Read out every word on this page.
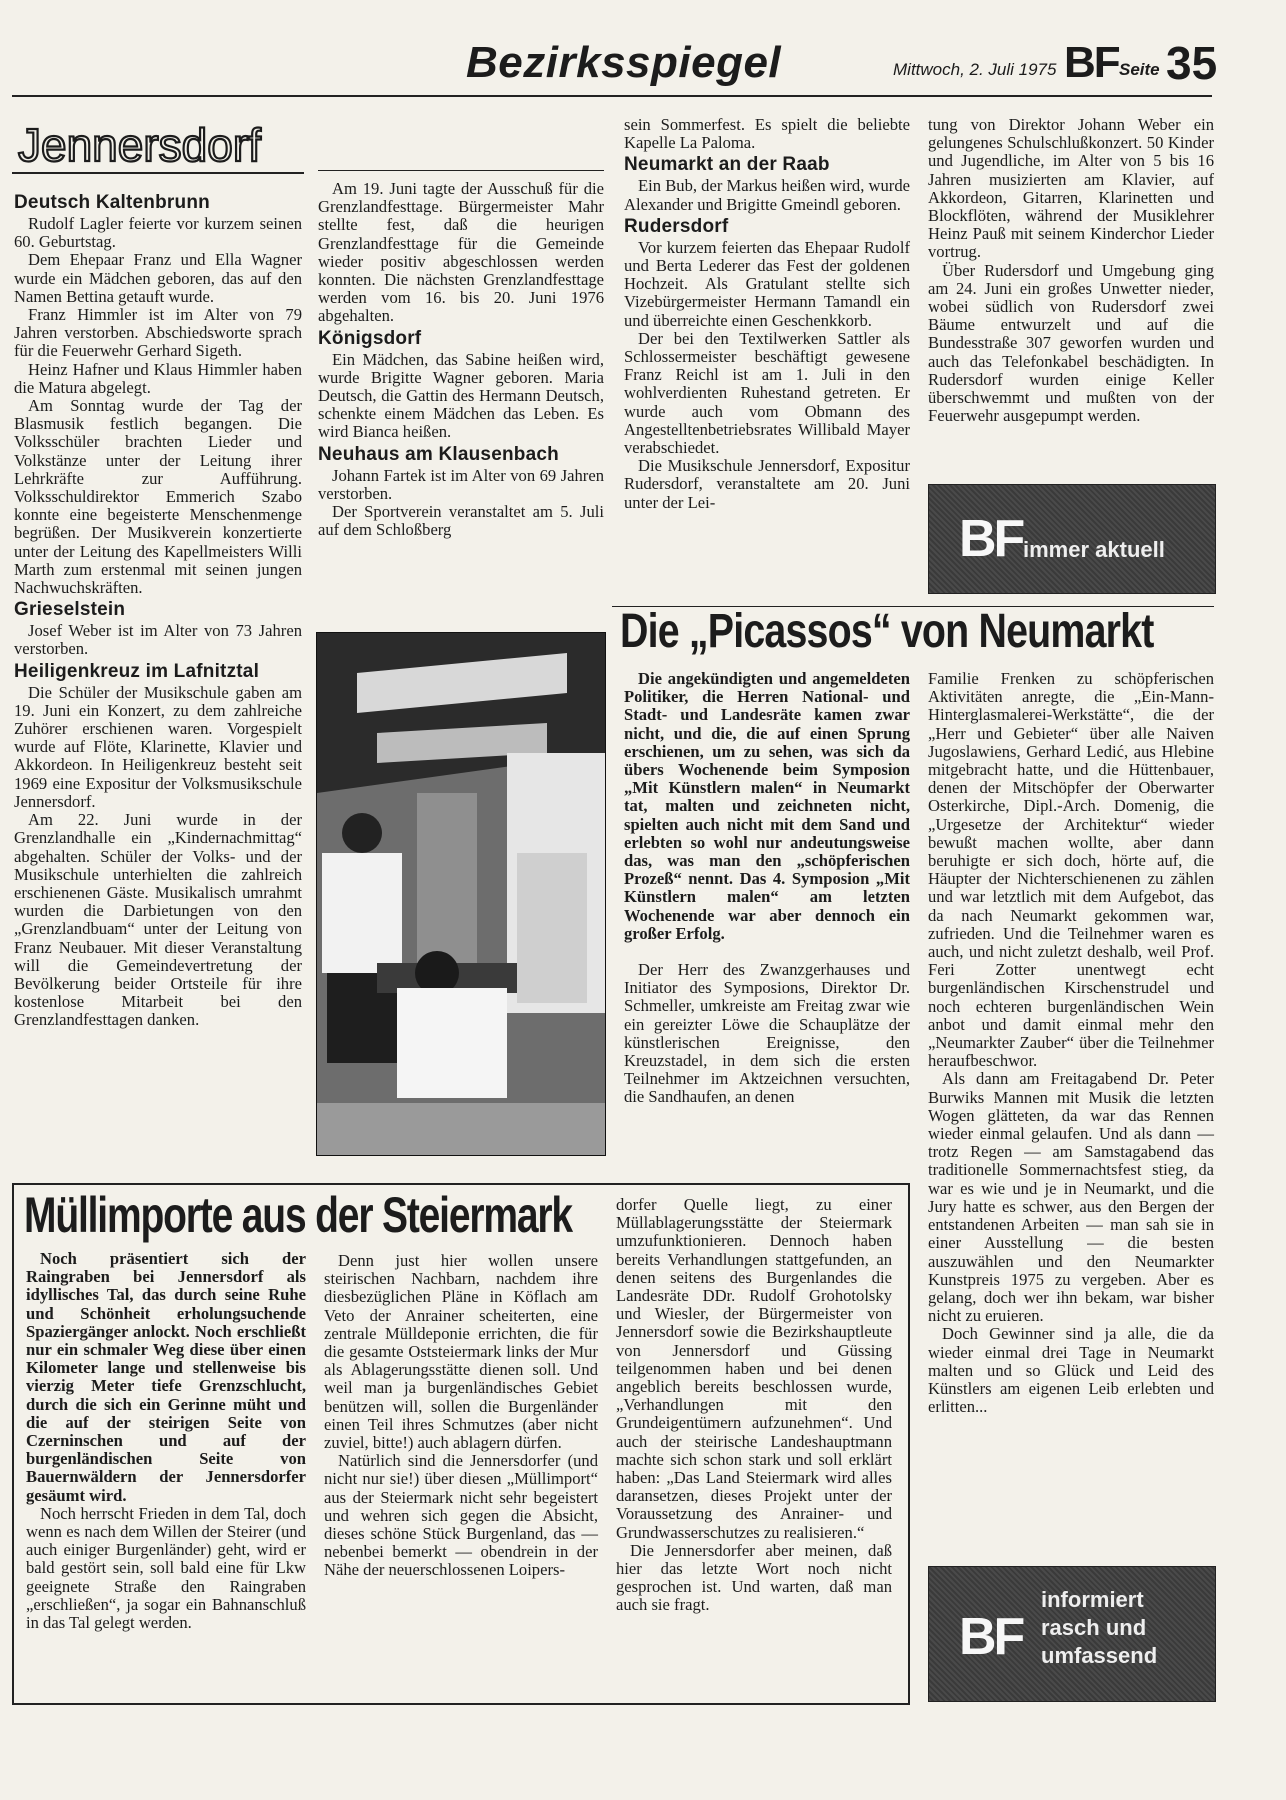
Bezirksspiegel	Mittwoch, 2. Juli 1975 BF Seite 35
Jennersdorf
Deutsch Kaltenbrunn

Rudolf Lagler feierte vor kurzem seinen 60. Geburtstag.

Dem Ehepaar Franz und Ella Wagner wurde ein Mädchen geboren, das auf den Namen Bettina getauft wurde.

Franz Himmler ist im Alter von 79 Jahren verstorben. Abschiedsworte sprach für die Feuerwehr Gerhard Sigeth.

Heinz Hafner und Klaus Himmler haben die Matura abgelegt.

Am Sonntag wurde der Tag der Blasmusik festlich begangen. Die Volksschüler brachten Lieder und Volkstänze unter der Leitung ihrer Lehrkräfte zur Aufführung. Volksschuldirektor Emmerich Szabo konnte eine begeisterte Menschenmenge begrüßen. Der Musikverein konzertierte unter der Leitung des Kapellmeisters Willi Marth zum erstenmal mit seinen jungen Nachwuchskräften.

Grieselstein

Josef Weber ist im Alter von 73 Jahren verstorben.

Heiligenkreuz im Lafnitztal

Die Schüler der Musikschule gaben am 19. Juni ein Konzert, zu dem zahlreiche Zuhörer erschienen waren. Vorgespielt wurde auf Flöte, Klarinette, Klavier und Akkordeon. In Heiligenkreuz besteht seit 1969 eine Expositur der Volksmusikschule Jennersdorf.

Am 22. Juni wurde in der Grenzlandhalle ein „Kindernachmittag“ abgehalten. Schüler der Volks- und der Musikschule unterhielten die zahlreich erschienenen Gäste. Musikalisch umrahmt wurden die Darbietungen von den „Grenzlandbuam“ unter der Leitung von Franz Neubauer. Mit dieser Veranstaltung will die Gemeindevertretung der Bevölkerung beider Ortsteile für ihre kostenlose Mitarbeit bei den Grenzlandfesttagen danken.

Am 19. Juni tagte der Ausschuß für die Grenzlandfesttage. Bürgermeister Mahr stellte fest, daß die heurigen Grenzlandfesttage für die Gemeinde wieder positiv abgeschlossen werden konnten. Die nächsten Grenzlandfesttage werden vom 16. bis 20. Juni 1976 abgehalten.

Königsdorf

Ein Mädchen, das Sabine heißen wird, wurde Brigitte Wagner geboren. Maria Deutsch, die Gattin des Hermann Deutsch, schenkte einem Mädchen das Leben. Es wird Bianca heißen.

Neuhaus am Klausenbach

Johann Fartek ist im Alter von 69 Jahren verstorben.

Der Sportverein veranstaltet am 5. Juli auf dem Schloßberg

sein Sommerfest. Es spielt die beliebte Kapelle La Paloma.

Neumarkt an der Raab

Ein Bub, der Markus heißen wird, wurde Alexander und Brigitte Gmeindl geboren.

Rudersdorf

Vor kurzem feierten das Ehepaar Rudolf und Berta Lederer das Fest der goldenen Hochzeit. Als Gratulant stellte sich Vizebürgermeister Hermann Tamandl ein und überreichte einen Geschenkkorb.

Der bei den Textilwerken Sattler als Schlossermeister beschäftigt gewesene Franz Reichl ist am 1. Juli in den wohlverdienten Ruhestand getreten. Er wurde auch vom Obmann des Angestelltenbetriebsrates Willibald Mayer verabschiedet.

Die Musikschule Jennersdorf, Expositur Rudersdorf, veranstaltete am 20. Juni unter der Lei-

tung von Direktor Johann Weber ein gelungenes Schulschlußkonzert. 50 Kinder und Jugendliche, im Alter von 5 bis 16 Jahren musizierten am Klavier, auf Akkordeon, Gitarren, Klarinetten und Blockflöten, während der Musiklehrer Heinz Pauß mit seinem Kinderchor Lieder vortrug.

Über Rudersdorf und Umgebung ging am 24. Juni ein großes Unwetter nieder, wobei südlich von Rudersdorf zwei Bäume entwurzelt und auf die Bundesstraße 307 geworfen wurden und auch das Telefonkabel beschädigten. In Rudersdorf wurden einige Keller überschwemmt und mußten von der Feuerwehr ausgepumpt werden.

BF immer aktuell
Die „Picassos“ von Neumarkt

Die angekündigten und angemeldeten Politiker, die Herren National- und Stadt- und Landesräte kamen zwar nicht, und die, die auf einen Sprung erschienen, um zu sehen, was sich da übers Wochenende beim Symposion „Mit Künstlern malen“ in Neumarkt tat, malten und zeichneten nicht, spielten auch nicht mit dem Sand und erlebten so wohl nur andeutungsweise das, was man den „schöpferischen Prozeß“ nennt. Das 4. Symposion „Mit Künstlern malen“ am letzten Wochenende war aber dennoch ein großer Erfolg.

Der Herr des Zwanzgerhauses und Initiator des Symposions, Direktor Dr. Schmeller, umkreiste am Freitag zwar wie ein gereizter Löwe die Schauplätze der künstlerischen Ereignisse, den Kreuzstadel, in dem sich die ersten Teilnehmer im Aktzeichnen versuchten, die Sandhaufen, an denen

Familie Frenken zu schöpferischen Aktivitäten anregte, die „Ein-Mann-Hinterglasmalerei-Werkstätte“, die der „Herr und Gebieter“ über alle Naiven Jugoslawiens, Gerhard Ledić, aus Hlebine mitgebracht hatte, und die Hüttenbauer, denen der Mitschöpfer der Oberwarter Osterkirche, Dipl.-Arch. Domenig, die „Urgesetze der Architektur“ wieder bewußt machen wollte, aber dann beruhigte er sich doch, hörte auf, die Häupter der Nichterschienenen zu zählen und war letztlich mit dem Aufgebot, das da nach Neumarkt gekommen war, zufrieden. Und die Teilnehmer waren es auch, und nicht zuletzt deshalb, weil Prof. Feri Zotter unentwegt echt burgenländischen Kirschenstrudel und noch echteren burgenländischen Wein anbot und damit einmal mehr den „Neumarkter Zauber“ über die Teilnehmer heraufbeschwor.

Als dann am Freitagabend Dr. Peter Burwiks Mannen mit Musik die letzten Wogen glätteten, da war das Rennen wieder einmal gelaufen. Und als dann — trotz Regen — am Samstagabend das traditionelle Sommernachtsfest stieg, da war es wie und je in Neumarkt, und die Jury hatte es schwer, aus den Bergen der entstandenen Arbeiten — man sah sie in einer Ausstellung — die besten auszuwählen und den Neumarkter Kunstpreis 1975 zu vergeben. Aber es gelang, doch wer ihn bekam, war bisher nicht zu eruieren.

Doch Gewinner sind ja alle, die da wieder einmal drei Tage in Neumarkt malten und so Glück und Leid des Künstlers am eigenen Leib erlebten und erlitten...

BF
informiert
rasch und
umfassend
Müllimporte aus der Steiermark

Noch präsentiert sich der Raingraben bei Jennersdorf als idyllisches Tal, das durch seine Ruhe und Schönheit erholungsuchende Spaziergänger anlockt. Noch erschließt nur ein schmaler Weg diese über einen Kilometer lange und stellenweise bis vierzig Meter tiefe Grenzschlucht, durch die sich ein Gerinne müht und die auf der steirigen Seite von Czerninschen und auf der burgenländischen Seite von Bauernwäldern der Jennersdorfer gesäumt wird.

Noch herrscht Frieden in dem Tal, doch wenn es nach dem Willen der Steirer (und auch einiger Burgenländer) geht, wird er bald gestört sein, soll bald eine für Lkw geeignete Straße den Raingraben „erschließen“, ja sogar ein Bahnanschluß in das Tal gelegt werden.

Denn just hier wollen unsere steirischen Nachbarn, nachdem ihre diesbezüglichen Pläne in Köflach am Veto der Anrainer scheiterten, eine zentrale Mülldeponie errichten, die für die gesamte Oststeiermark links der Mur als Ablagerungsstätte dienen soll. Und weil man ja burgenländisches Gebiet benützen will, sollen die Burgenländer einen Teil ihres Schmutzes (aber nicht zuviel, bitte!) auch ablagern dürfen.

Natürlich sind die Jennersdorfer (und nicht nur sie!) über diesen „Müllimport“ aus der Steiermark nicht sehr begeistert und wehren sich gegen die Absicht, dieses schöne Stück Burgenland, das — nebenbei bemerkt — obendrein in der Nähe der neuerschlossenen Loipers-

dorfer Quelle liegt, zu einer Müllablagerungsstätte der Steiermark umzufunktionieren. Dennoch haben bereits Verhandlungen stattgefunden, an denen seitens des Burgenlandes die Landesräte DDr. Rudolf Grohotolsky und Wiesler, der Bürgermeister von Jennersdorf sowie die Bezirkshauptleute von Jennersdorf und Güssing teilgenommen haben und bei denen angeblich bereits beschlossen wurde, „Verhandlungen mit den Grundeigentümern aufzunehmen“. Und auch der steirische Landeshauptmann machte sich schon stark und soll erklärt haben: „Das Land Steiermark wird alles daransetzen, dieses Projekt unter der Voraussetzung des Anrainer- und Grundwasserschutzes zu realisieren.“

Die Jennersdorfer aber meinen, daß hier das letzte Wort noch nicht gesprochen ist. Und warten, daß man auch sie fragt.
